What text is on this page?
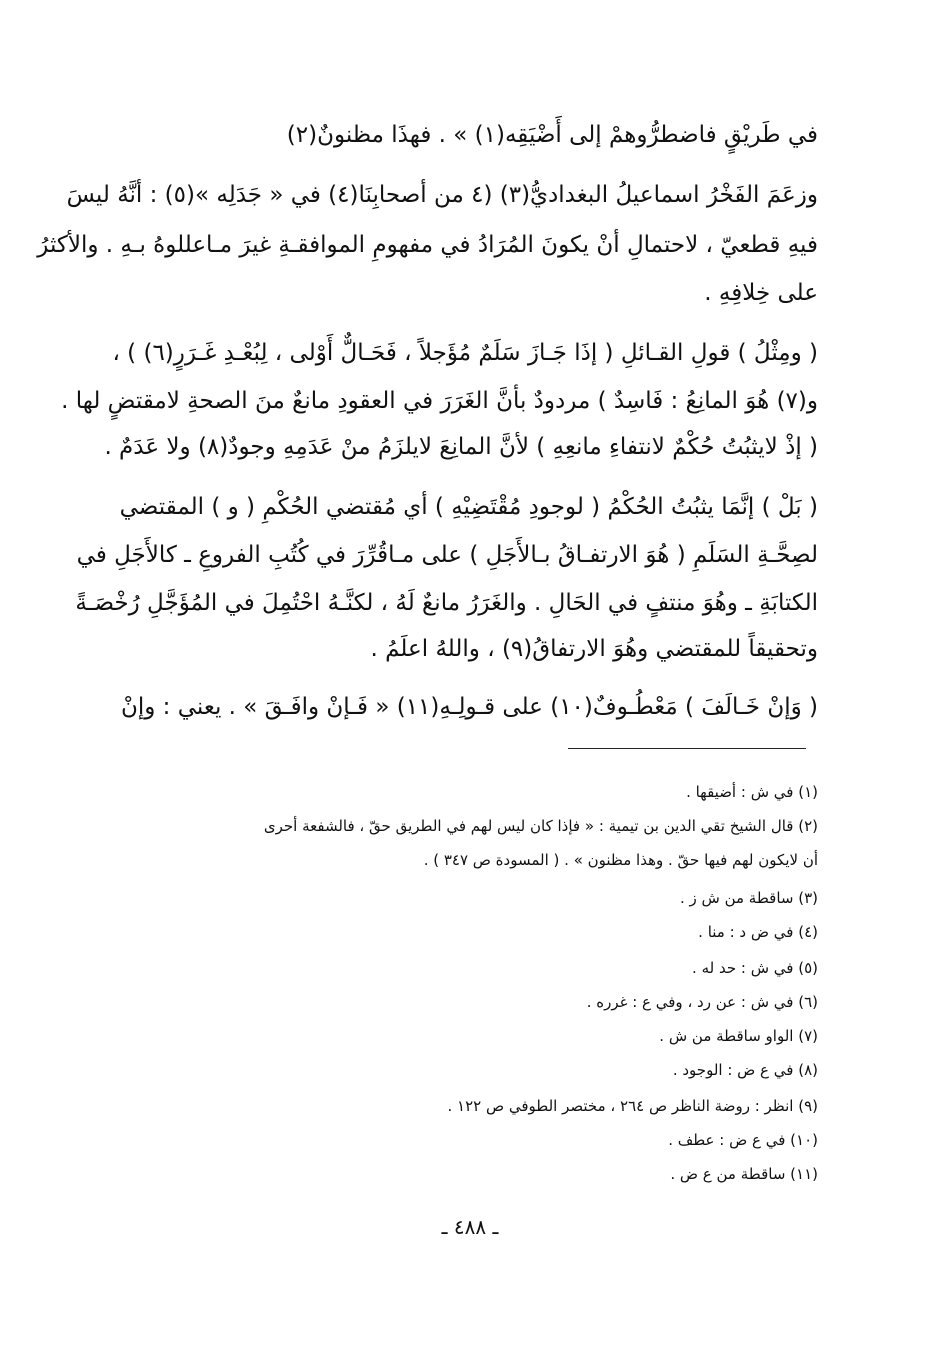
في طَريْقٍ فاضطرُّوهمْ إلى أَضْيَقِه(١) » . فهذَا مظنونٌ(٢)
وزعَمَ الفَخْرُ اسماعيلُ البغداديُّ(٣) (٤ من أصحابِنَا(٤) في « جَدَلِه »(٥) : أنَّهُ ليسَ
فيهِ قطعيّ ، لاحتمالِ أنْ يكونَ المُرَادُ في مفهومِ الموافقـةِ غيرَ مـاعللوهُ بـهِ . والأكثرُ
على خِلافِهِ .
( ومِثْلُ ) قولِ القـائلِ ( إذَا جَـازَ سَلَمٌ مُؤَجلاً ، فَحَـالٌّ أَوْلى ، لِبُعْـدِ غَـرَرٍ(٦) ) ،
و(٧) هُوَ المانِعُ : فَاسِدٌ ) مردودٌ بأنَّ الغَرَرَ في العقودِ مانعٌ منَ الصحةِ لامقتضٍ لها .
( إذْ لايثبُتُ حُكْمٌ لانتفاءِ مانعِهِ ) لأنَّ المانِعَ لايلزَمُ منْ عَدَمِهِ وجودٌ(٨) ولا عَدَمٌ .
( بَلْ ) إنَّمَا يثبُتُ الحُكْمُ ( لوجودِ مُقْتَضِيْهِ ) أي مُقتضي الحُكْمِ ( و ) المقتضي
لصِحَّـةِ السَلَمِ ( هُوَ الارتفـاقُ بـالأَجَلِ ) على مـاقُرِّرَ في كُتُبِ الفروعِ ـ كالأَجَلِ في
الكتابَةِ ـ وهُوَ منتفٍ في الحَالِ . والغَرَرُ مانعٌ لَهُ ، لكنَّـهُ احْتُمِلَ في المُؤَجَّلِ رُخْصَـةً
وتحقيقاً للمقتضي وهُوَ الارتفاقُ(٩) ، واللهُ اعلَمُ .
( وَإنْ خَـالَفَ ) مَعْطُـوفٌ(١٠) على قـولِـهِ(١١) « فَـإنْ وافَـقَ » . يعني : وإنْ
(١) في ش : أضيقها .
(٢) قال الشيخ تقي الدين بن تيمية : « فإذا كان ليس لهم في الطريق حقّ ، فالشفعة أحرى
أن لايكون لهم فيها حقّ . وهذا مظنون » . ( المسودة ص ٣٤٧ ) .
(٣) ساقطة من ش ز .
(٤) في ض د : منا .
(٥) في ش : حد له .
(٦) في ش : عن رد ، وفي ع : غرره .
(٧) الواو ساقطة من ش .
(٨) في ع ض : الوجود .
(٩) انظر : روضة الناظر ص ٢٦٤ ، مختصر الطوفي ص ١٢٢ .
(١٠) في ع ض : عطف .
(١١) ساقطة من ع ض .
ـ ٤٨٨ ـ
